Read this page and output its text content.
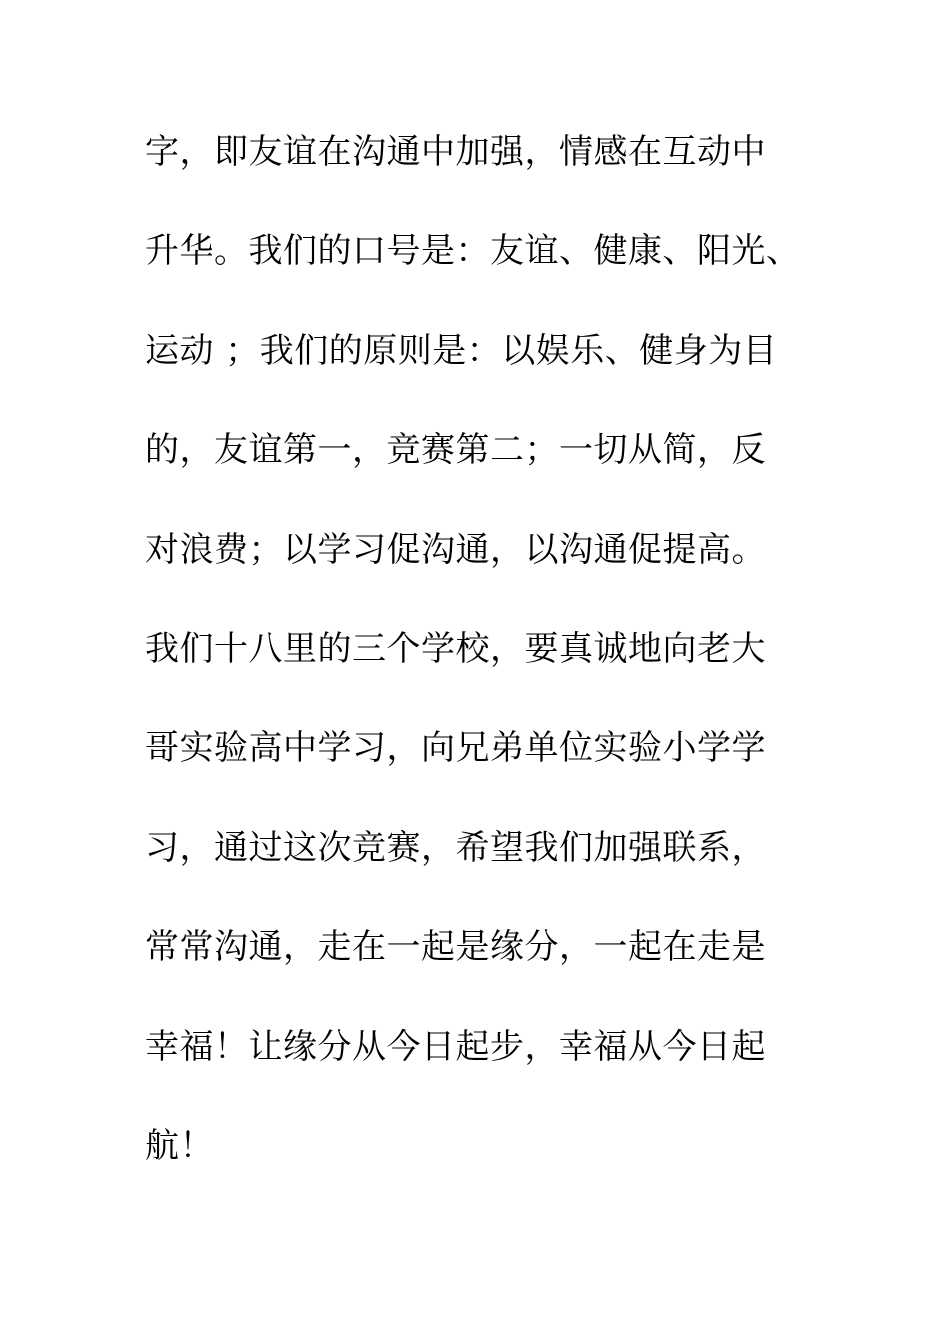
字，即友谊在沟通中加强，情感在互动中
升华。我们的口号是：友谊、健康、阳光、
运动 ；我们的原则是：以娱乐、健身为目
的，友谊第一，竞赛第二；一切从简，反
对浪费；以学习促沟通，以沟通促提高。
我们十八里的三个学校，要真诚地向老大
哥实验高中学习，向兄弟单位实验小学学
习，通过这次竞赛，希望我们加强联系，
常常沟通，走在一起是缘分，一起在走是
幸福！让缘分从今日起步，幸福从今日起
航！
